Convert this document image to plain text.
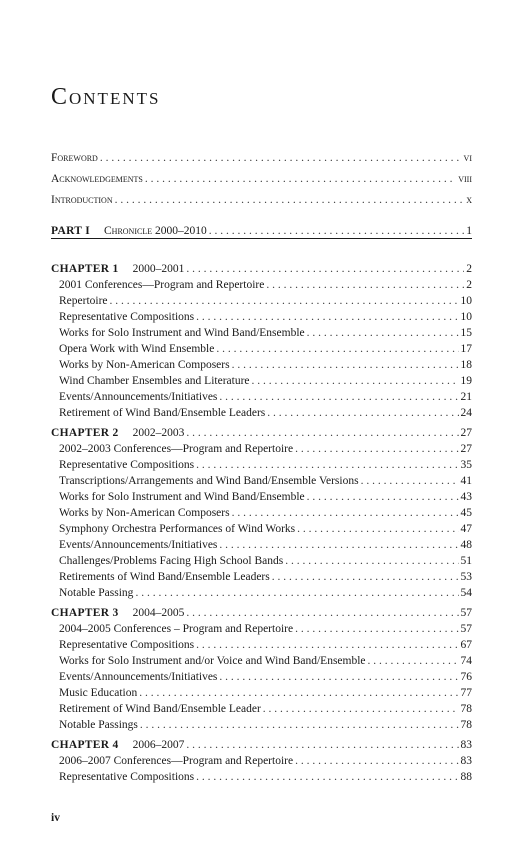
Contents
Foreword . . .	vi
Acknowledgements . . .	viii
Introduction . . .	x
PART I Chronicle 2000–2010 . . .	1
CHAPTER 1 2000–2001 . . .	2
2001 Conferences—Program and Repertoire . . .	2
Repertoire . . .	10
Representative Compositions . . .	10
Works for Solo Instrument and Wind Band/Ensemble . . .	15
Opera Work with Wind Ensemble . . .	17
Works by Non-American Composers . . .	18
Wind Chamber Ensembles and Literature . . .	19
Events/Announcements/Initiatives . . .	21
Retirement of Wind Band/Ensemble Leaders . . .	24
CHAPTER 2 2002–2003 . . .	27
2002–2003 Conferences—Program and Repertoire . . .	27
Representative Compositions . . .	35
Transcriptions/Arrangements and Wind Band/Ensemble Versions . . .	41
Works for Solo Instrument and Wind Band/Ensemble . . .	43
Works by Non-American Composers . . .	45
Symphony Orchestra Performances of Wind Works . . .	47
Events/Announcements/Initiatives . . .	48
Challenges/Problems Facing High School Bands . . .	51
Retirements of Wind Band/Ensemble Leaders . . .	53
Notable Passing . . .	54
CHAPTER 3 2004–2005 . . .	57
2004–2005 Conferences – Program and Repertoire . . .	57
Representative Compositions . . .	67
Works for Solo Instrument and/or Voice and Wind Band/Ensemble . . .	74
Events/Announcements/Initiatives . . .	76
Music Education . . .	77
Retirement of Wind Band/Ensemble Leader . . .	78
Notable Passings . . .	78
CHAPTER 4 2006–2007 . . .	83
2006–2007 Conferences—Program and Repertoire . . .	83
Representative Compositions . . .	88
iv
